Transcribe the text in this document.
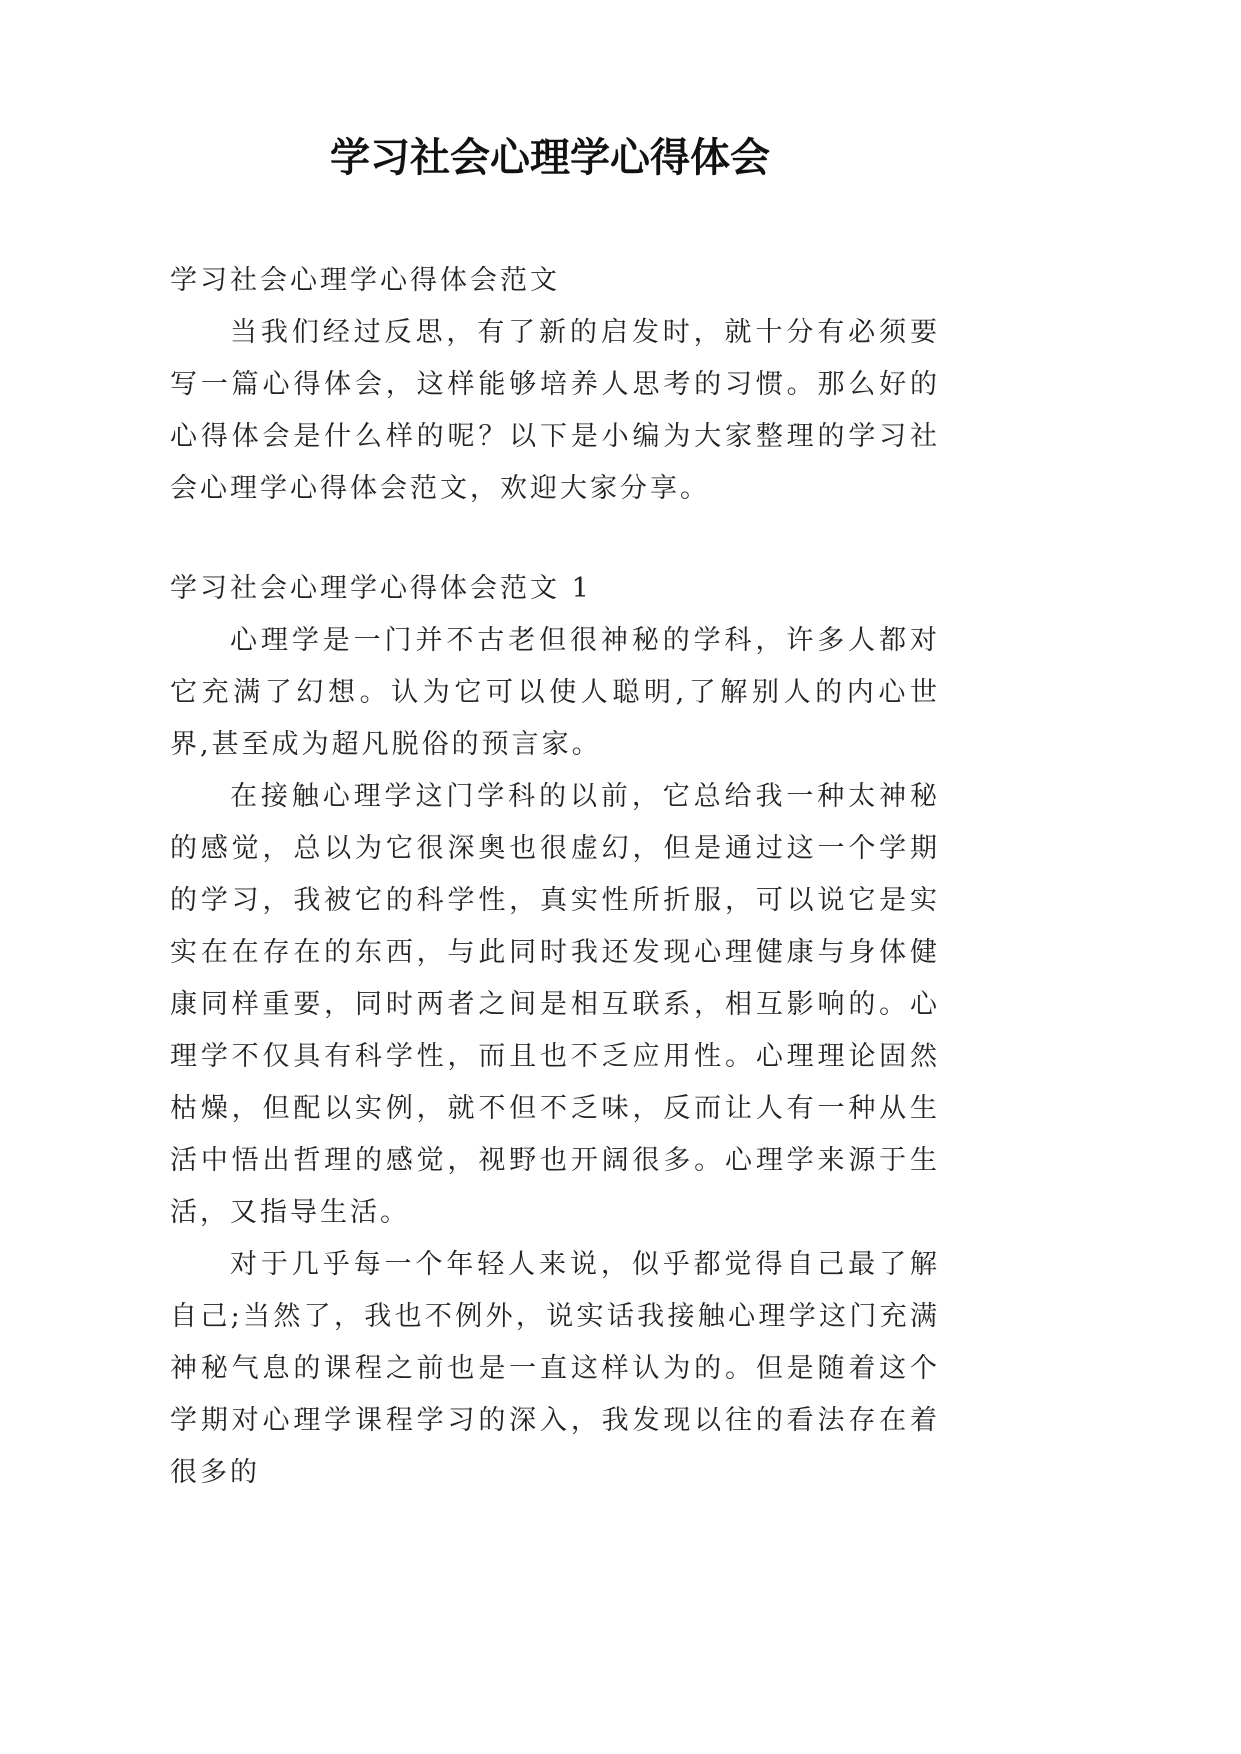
学习社会心理学心得体会

学习社会心理学心得体会范文

当我们经过反思，有了新的启发时，就十分有必须要写一篇心得体会，这样能够培养人思考的习惯。那么好的心得体会是什么样的呢？以下是小编为大家整理的学习社会心理学心得体会范文，欢迎大家分享。

学习社会心理学心得体会范文 1

心理学是一门并不古老但很神秘的学科，许多人都对它充满了幻想。认为它可以使人聪明,了解别人的内心世界,甚至成为超凡脱俗的预言家。

在接触心理学这门学科的以前，它总给我一种太神秘的感觉，总以为它很深奥也很虚幻，但是通过这一个学期的学习，我被它的科学性，真实性所折服，可以说它是实实在在存在的东西，与此同时我还发现心理健康与身体健康同样重要，同时两者之间是相互联系，相互影响的。心理学不仅具有科学性，而且也不乏应用性。心理理论固然枯燥，但配以实例，就不但不乏味，反而让人有一种从生活中悟出哲理的感觉，视野也开阔很多。心理学来源于生活，又指导生活。

对于几乎每一个年轻人来说，似乎都觉得自己最了解自己;当然了，我也不例外，说实话我接触心理学这门充满神秘气息的课程之前也是一直这样认为的。但是随着这个学期对心理学课程学习的深入，我发现以往的看法存在着很多的
